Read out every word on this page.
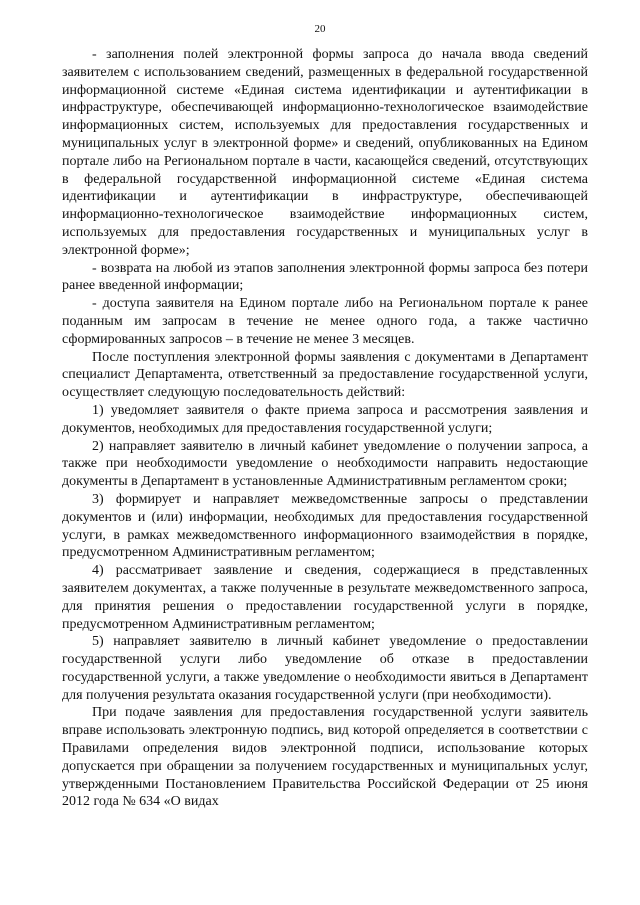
20

- заполнения полей электронной формы запроса до начала ввода сведений заявителем с использованием сведений, размещенных в федеральной государственной информационной системе «Единая система идентификации и аутентификации в инфраструктуре, обеспечивающей информационно-технологическое взаимодействие информационных систем, используемых для предоставления государственных и муниципальных услуг в электронной форме» и сведений, опубликованных на Едином портале либо на Региональном портале в части, касающейся сведений, отсутствующих в федеральной государственной информационной системе «Единая система идентификации и аутентификации в инфраструктуре, обеспечивающей информационно-технологическое взаимодействие информационных систем, используемых для предоставления государственных и муниципальных услуг в электронной форме»;

- возврата на любой из этапов заполнения электронной формы запроса без потери ранее введенной информации;

- доступа заявителя на Едином портале либо на Региональном портале к ранее поданным им запросам в течение не менее одного года, а также частично сформированных запросов – в течение не менее 3 месяцев.

После поступления электронной формы заявления с документами в Департамент специалист Департамента, ответственный за предоставление государственной услуги, осуществляет следующую последовательность действий:

1) уведомляет заявителя о факте приема запроса и рассмотрения заявления и документов, необходимых для предоставления государственной услуги;

2) направляет заявителю в личный кабинет уведомление о получении запроса, а также при необходимости уведомление о необходимости направить недостающие документы в Департамент в установленные Административным регламентом сроки;

3) формирует и направляет межведомственные запросы о представлении документов и (или) информации, необходимых для предоставления государственной услуги, в рамках межведомственного информационного взаимодействия в порядке, предусмотренном Административным регламентом;

4) рассматривает заявление и сведения, содержащиеся в представленных заявителем документах, а также полученные в результате межведомственного запроса, для принятия решения о предоставлении государственной услуги в порядке, предусмотренном Административным регламентом;

5) направляет заявителю в личный кабинет уведомление о предоставлении государственной услуги либо уведомление об отказе в предоставлении государственной услуги, а также уведомление о необходимости явиться в Департамент для получения результата оказания государственной услуги (при необходимости).

При подаче заявления для предоставления государственной услуги заявитель вправе использовать электронную подпись, вид которой определяется в соответствии с Правилами определения видов электронной подписи, использование которых допускается при обращении за получением государственных и муниципальных услуг, утвержденными Постановлением Правительства Российской Федерации от 25 июня 2012 года № 634 «О видах
